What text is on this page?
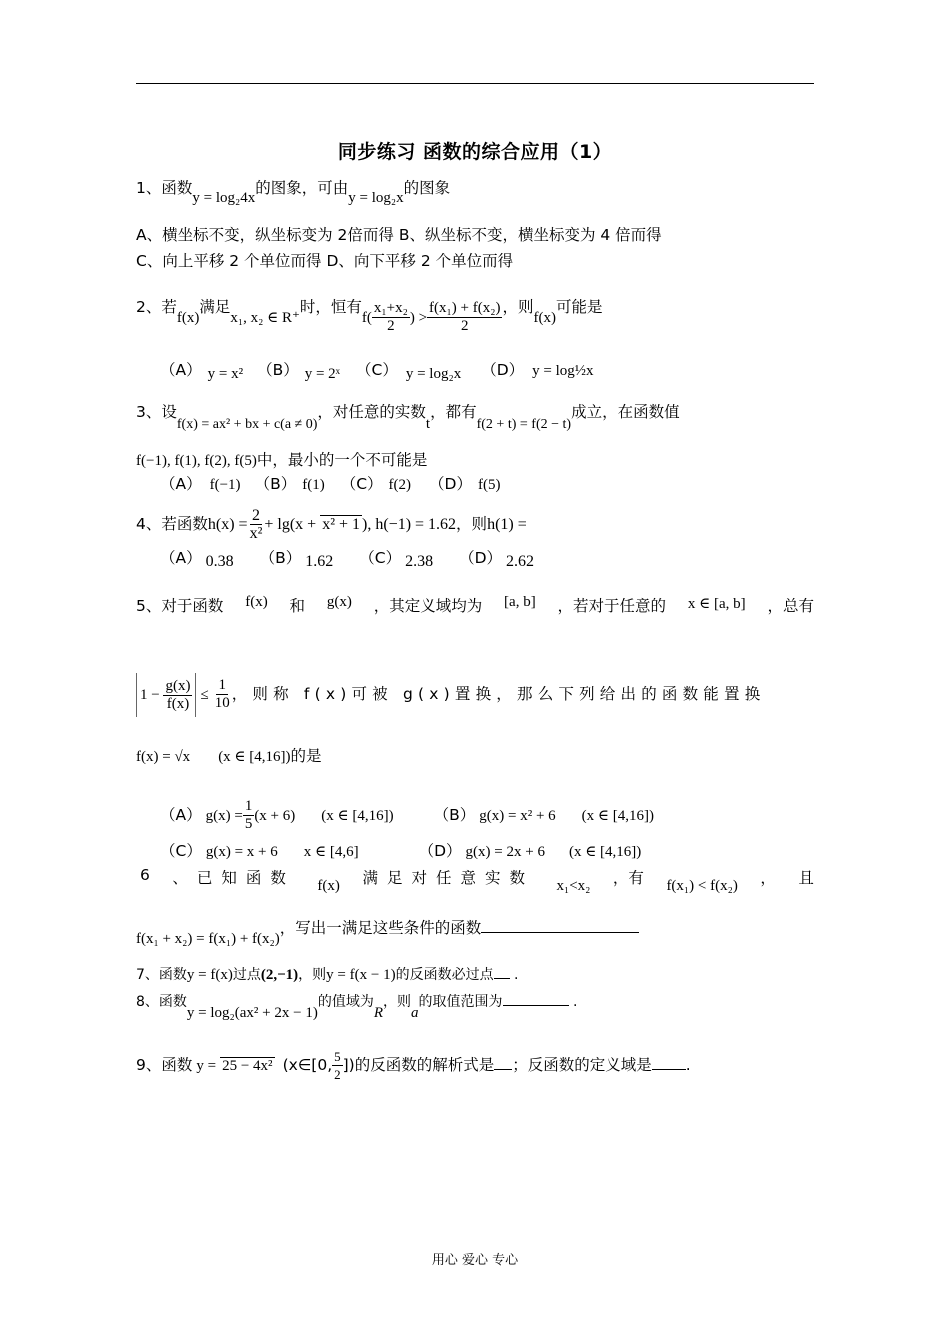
同步练习 函数的综合应用（1）
1、函数y = log₂4x的图象，可由y = log₂x的图象
A、横坐标不变，纵坐标变为 2倍而得 B、纵坐标不变，横坐标变为 4 倍而得
C、向上平移 2 个单位而得 D、向下平移 2 个单位而得
2、若f(x)满足x₁, x₂ ∈ R⁺时，恒有$f( \frac{\text{x₁+x₂}}{2}$ ) > $\frac{\text{f(x₁) + f(x₂)}}{2}$ ，则f(x)可能是
（A） y = x² （B） y = 2ˣ （C） y = log₂x （D） y = log½x
3、设f(x) = ax² + bx + c(a ≠ 0)，对任意的实数t，都有f(2 + t) = f(2 − t)成立，在函数值
f(−1), f(1), f(2), f(5)中，最小的一个不可能是
（A） f(−1) （B） f(1) （C） f(2) （D） f(5)
4、若函数$h(x) = \frac{2}{\text{x²}} + \lg(x + x^2 + 1$ ), h(−1) = 1.62，则h(1) =
（A） 0.38 （B） 1.62 （C） 2.38 （D） 2.62
5、对于函数 f(x) 和 g(x) ，其定义域均为 [a, b] ，若对于任意的 x ∈ [a, b] ，总有
$1 - \frac{g(x)}{f(x)} \le \frac{1}{10}$ ，则称 f(x)可被 g(x)置换，那么下列给出的函数能置换
f(x) = √x (x ∈ [4,16])的是
（A） $g(x) = \frac{1}{5} (x + 6)$ (x ∈ [4,16])	（B） g(x) = x² + 6 (x ∈ [4,16])
（C） g(x) = x + 6 x ∈ [4,6]	（D） g(x) = 2x + 6 (x ∈ [4,16])
6 、已知函数 f(x) 满足对任意实数 x₁<x₂ ，有 f(x₁) < f(x₂) ， 且
f(x₁ + x₂) = f(x₁) + f(x₂)，写出一满足这些条件的函数
7、函数y = f(x)过点(2,−1)，则y = f(x − 1)的反函数必过点 .
8、函数y = log₂(ax² + 2x − 1)的值域为R，则a的取值范围为	.
9、函数 y = 25 − 4x² (x∈[0, $\frac{5}{2}$ ])的反函数的解析式是 ；反函数的定义域是 .
用心 爱心 专心
